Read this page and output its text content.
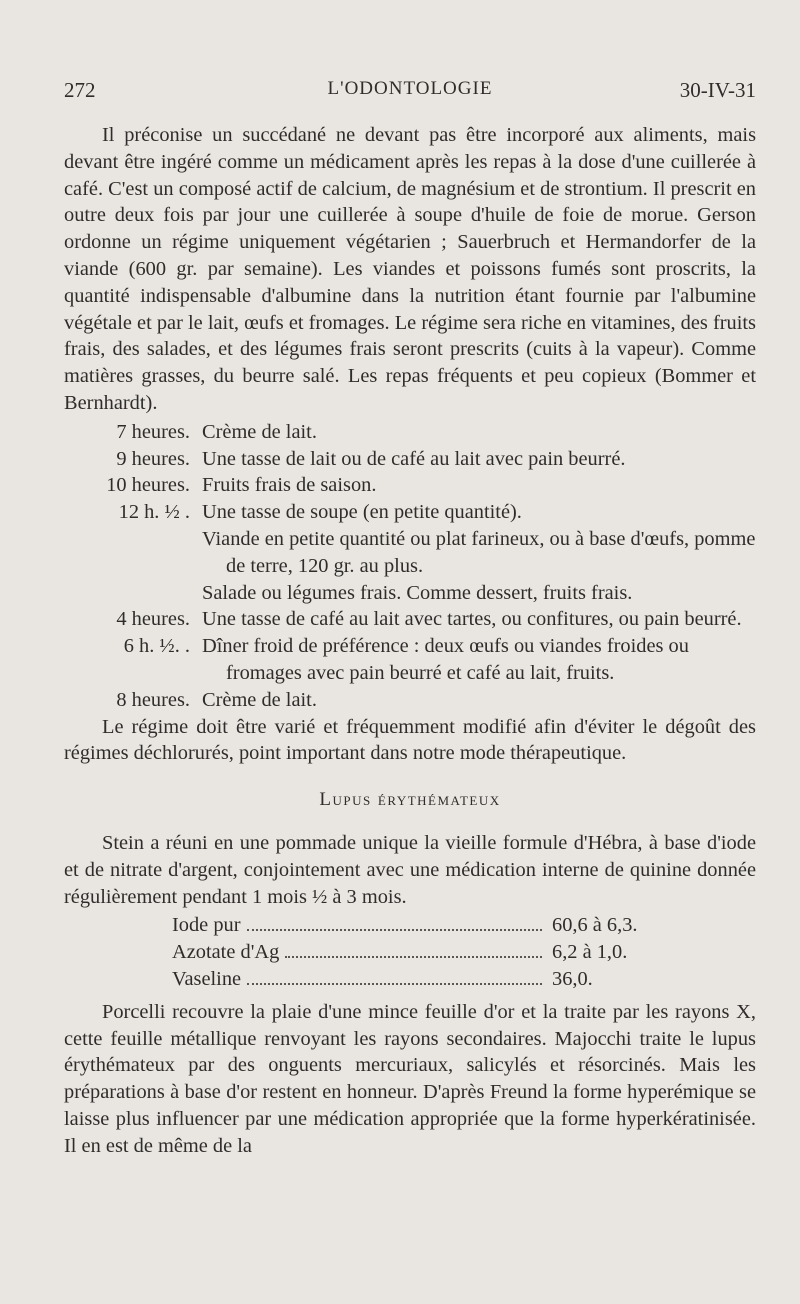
272	L'ODONTOLOGIE	30-IV-31

Il préconise un succédané ne devant pas être incorporé aux aliments, mais devant être ingéré comme un médicament après les repas à la dose d'une cuillerée à café. C'est un composé actif de calcium, de magnésium et de strontium. Il prescrit en outre deux fois par jour une cuillerée à soupe d'huile de foie de morue. Gerson ordonne un régime uniquement végétarien ; Sauerbruch et Hermandorfer de la viande (600 gr. par semaine). Les viandes et poissons fumés sont proscrits, la quantité indispensable d'albumine dans la nutrition étant fournie par l'albumine végétale et par le lait, œufs et fromages. Le régime sera riche en vitamines, des fruits frais, des salades, et des légumes frais seront prescrits (cuits à la vapeur). Comme matières grasses, du beurre salé. Les repas fréquents et peu copieux (Bommer et Bernhardt).

7 heures. Crème de lait.
9 heures. Une tasse de lait ou de café au lait avec pain beurré.
10 heures. Fruits frais de saison.
12 h. ½ . Une tasse de soupe (en petite quantité).
Viande en petite quantité ou plat farineux, ou à base d'œufs, pomme de terre, 120 gr. au plus.
Salade ou légumes frais. Comme dessert, fruits frais.
4 heures. Une tasse de café au lait avec tartes, ou confitures, ou pain beurré.
6 h. ½. . Dîner froid de préférence : deux œufs ou viandes froides ou fromages avec pain beurré et café au lait, fruits.
8 heures. Crème de lait.

Le régime doit être varié et fréquemment modifié afin d'éviter le dégoût des régimes déchlorurés, point important dans notre mode thérapeutique.

Lupus érythémateux

Stein a réuni en une pommade unique la vieille formule d'Hébra, à base d'iode et de nitrate d'argent, conjointement avec une médication interne de quinine donnée régulièrement pendant 1 mois ½ à 3 mois.

Iode pur	60,6 à 6,3.
Azotate d'Ag	6,2 à 1,0.
Vaseline	36,0.

Porcelli recouvre la plaie d'une mince feuille d'or et la traite par les rayons X, cette feuille métallique renvoyant les rayons secondaires. Majocchi traite le lupus érythémateux par des onguents mercuriaux, salicylés et résorcinés. Mais les préparations à base d'or restent en honneur. D'après Freund la forme hyperémique se laisse plus influencer par une médication appropriée que la forme hyperkératinisée. Il en est de même de la
